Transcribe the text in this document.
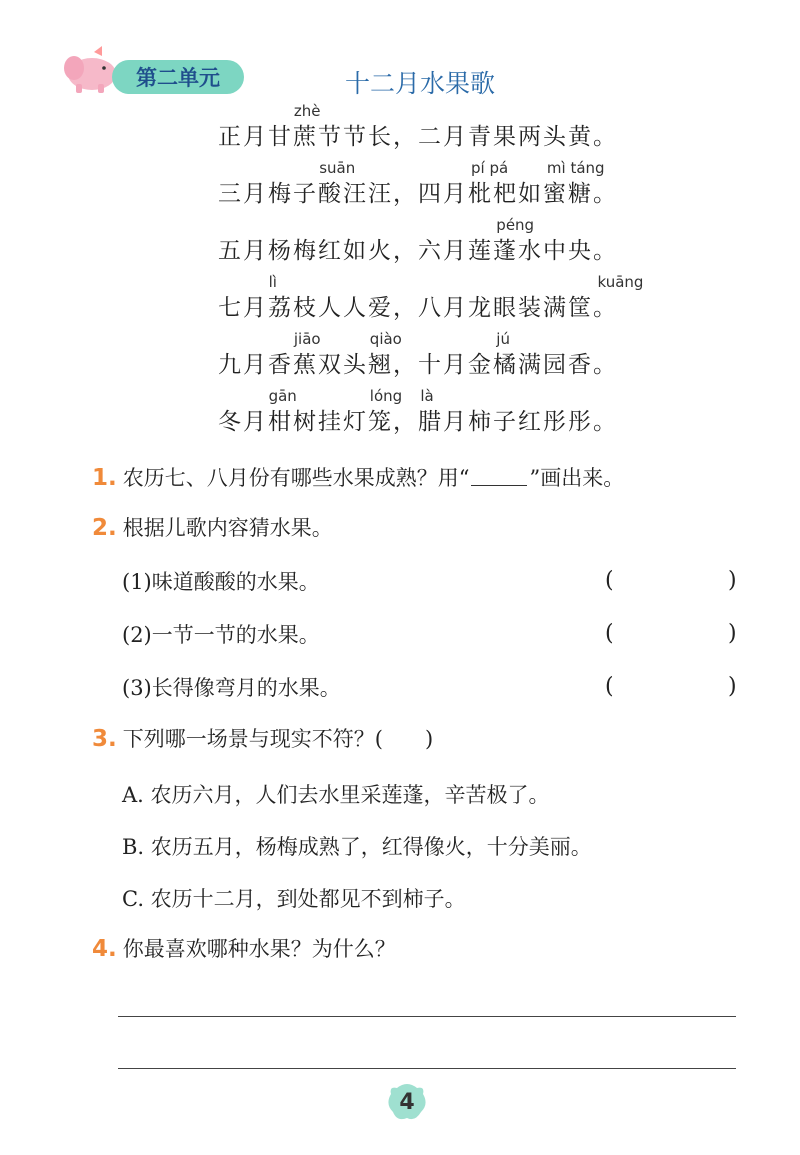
第二单元	十二月水果歌
zhè
正月甘蔗节节长，二月青果两头黄。
suān	pí pá	mì táng
三月梅子酸汪汪，四月枇杷如蜜糖。
péng
五月杨梅红如火，六月莲蓬水中央。
lì	kuāng
七月荔枝人人爱，八月龙眼装满筐。
jiāo	qiào	jú
九月香蕉双头翘，十月金橘满园香。
gān	lóng là
冬月柑树挂灯笼，腊月柿子红彤彤。
1. 农历七、八月份有哪些水果成熟？用“	”画出来。
2. 根据儿歌内容猜水果。
(1)味道酸酸的水果。	(	)
(2)一节一节的水果。	(	)
(3)长得像弯月的水果。	(	)
3. 下列哪一场景与现实不符？(　　)
A. 农历六月，人们去水里采莲蓬，辛苦极了。
B. 农历五月，杨梅成熟了，红得像火，十分美丽。
C. 农历十二月，到处都见不到柿子。
4. 你最喜欢哪种水果？为什么？
4
